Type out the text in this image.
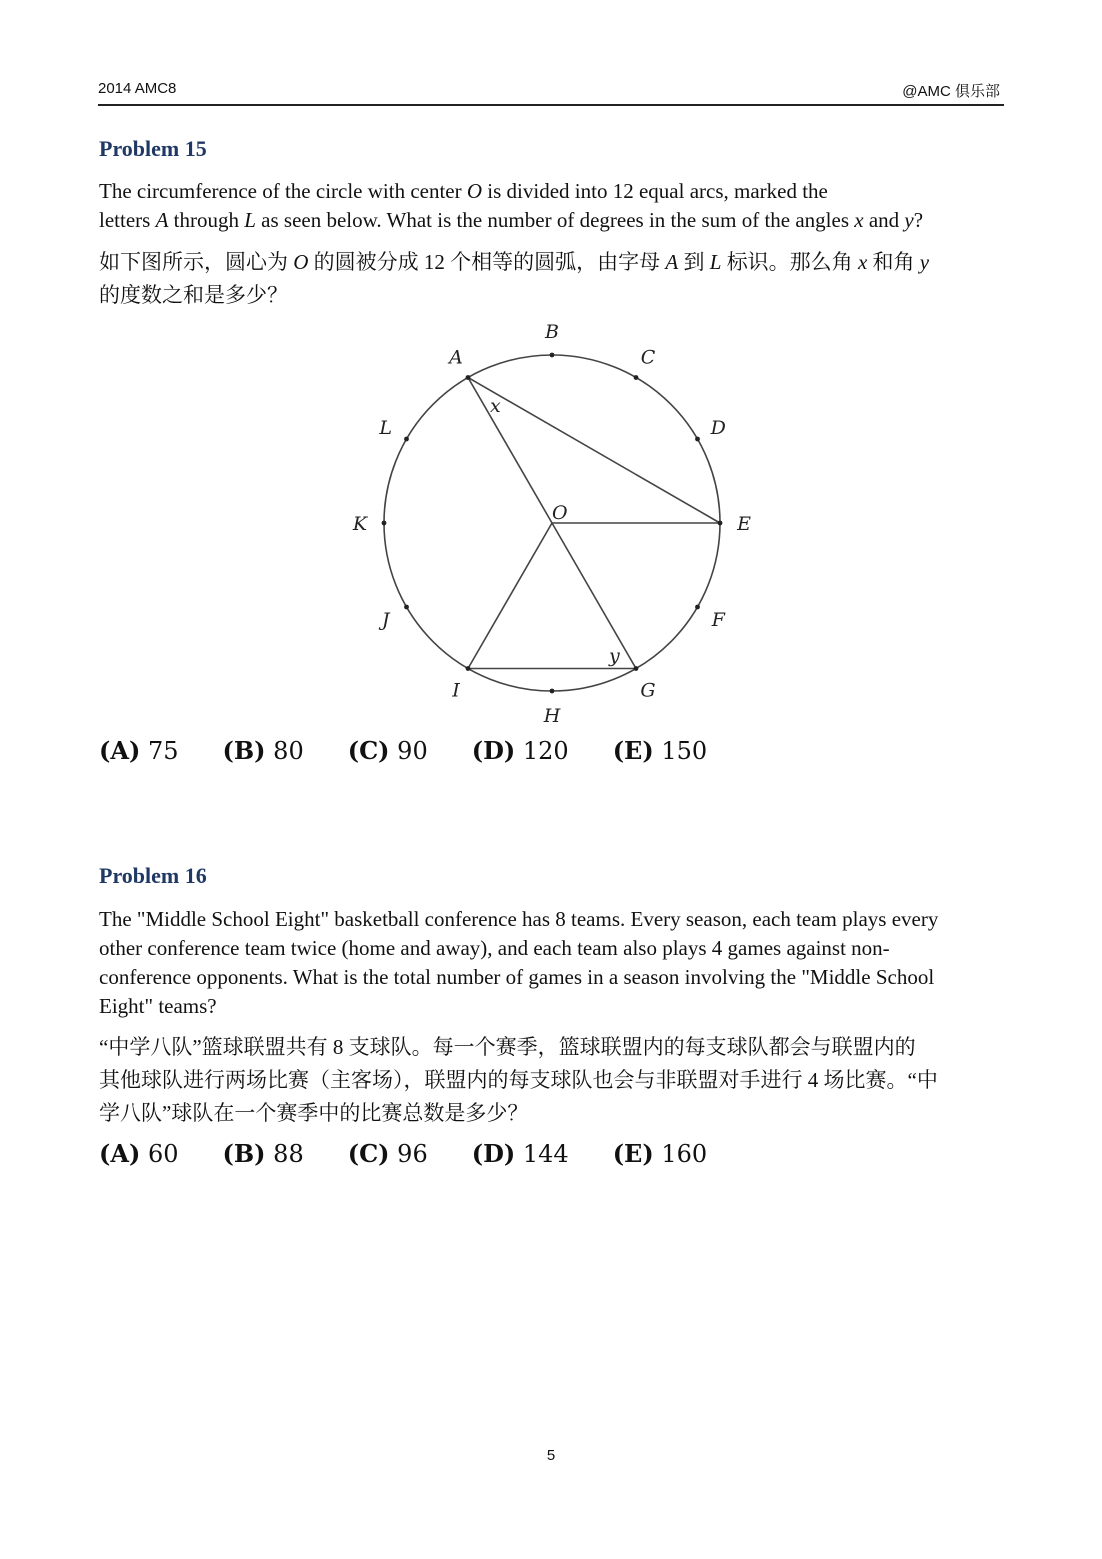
2014 AMC8	@AMC 俱乐部
Problem 15
The circumference of the circle with center O is divided into 12 equal arcs, marked the
letters A through L as seen below. What is the number of degrees in the sum of the angles x and y?
如下图所示，圆心为 O 的圆被分成 12 个相等的圆弧，由字母 A 到 L 标识。那么角 x 和角 y
的度数之和是多少？
A
B
C
D
E
F
G
H
I
J
K
L
x
y
O
(A) 75 (B) 80 (C) 90 (D) 120 (E) 150
Problem 16
The "Middle School Eight" basketball conference has 8 teams. Every season, each team plays every
other conference team twice (home and away), and each team also plays 4 games against non-
conference opponents. What is the total number of games in a season involving the "Middle School
Eight" teams?
“中学八队”篮球联盟共有 8 支球队。每一个赛季，篮球联盟内的每支球队都会与联盟内的
其他球队进行两场比赛（主客场），联盟内的每支球队也会与非联盟对手进行 4 场比赛。“中
学八队”球队在一个赛季中的比赛总数是多少？
(A) 60 (B) 88 (C) 96 (D) 144 (E) 160
5
